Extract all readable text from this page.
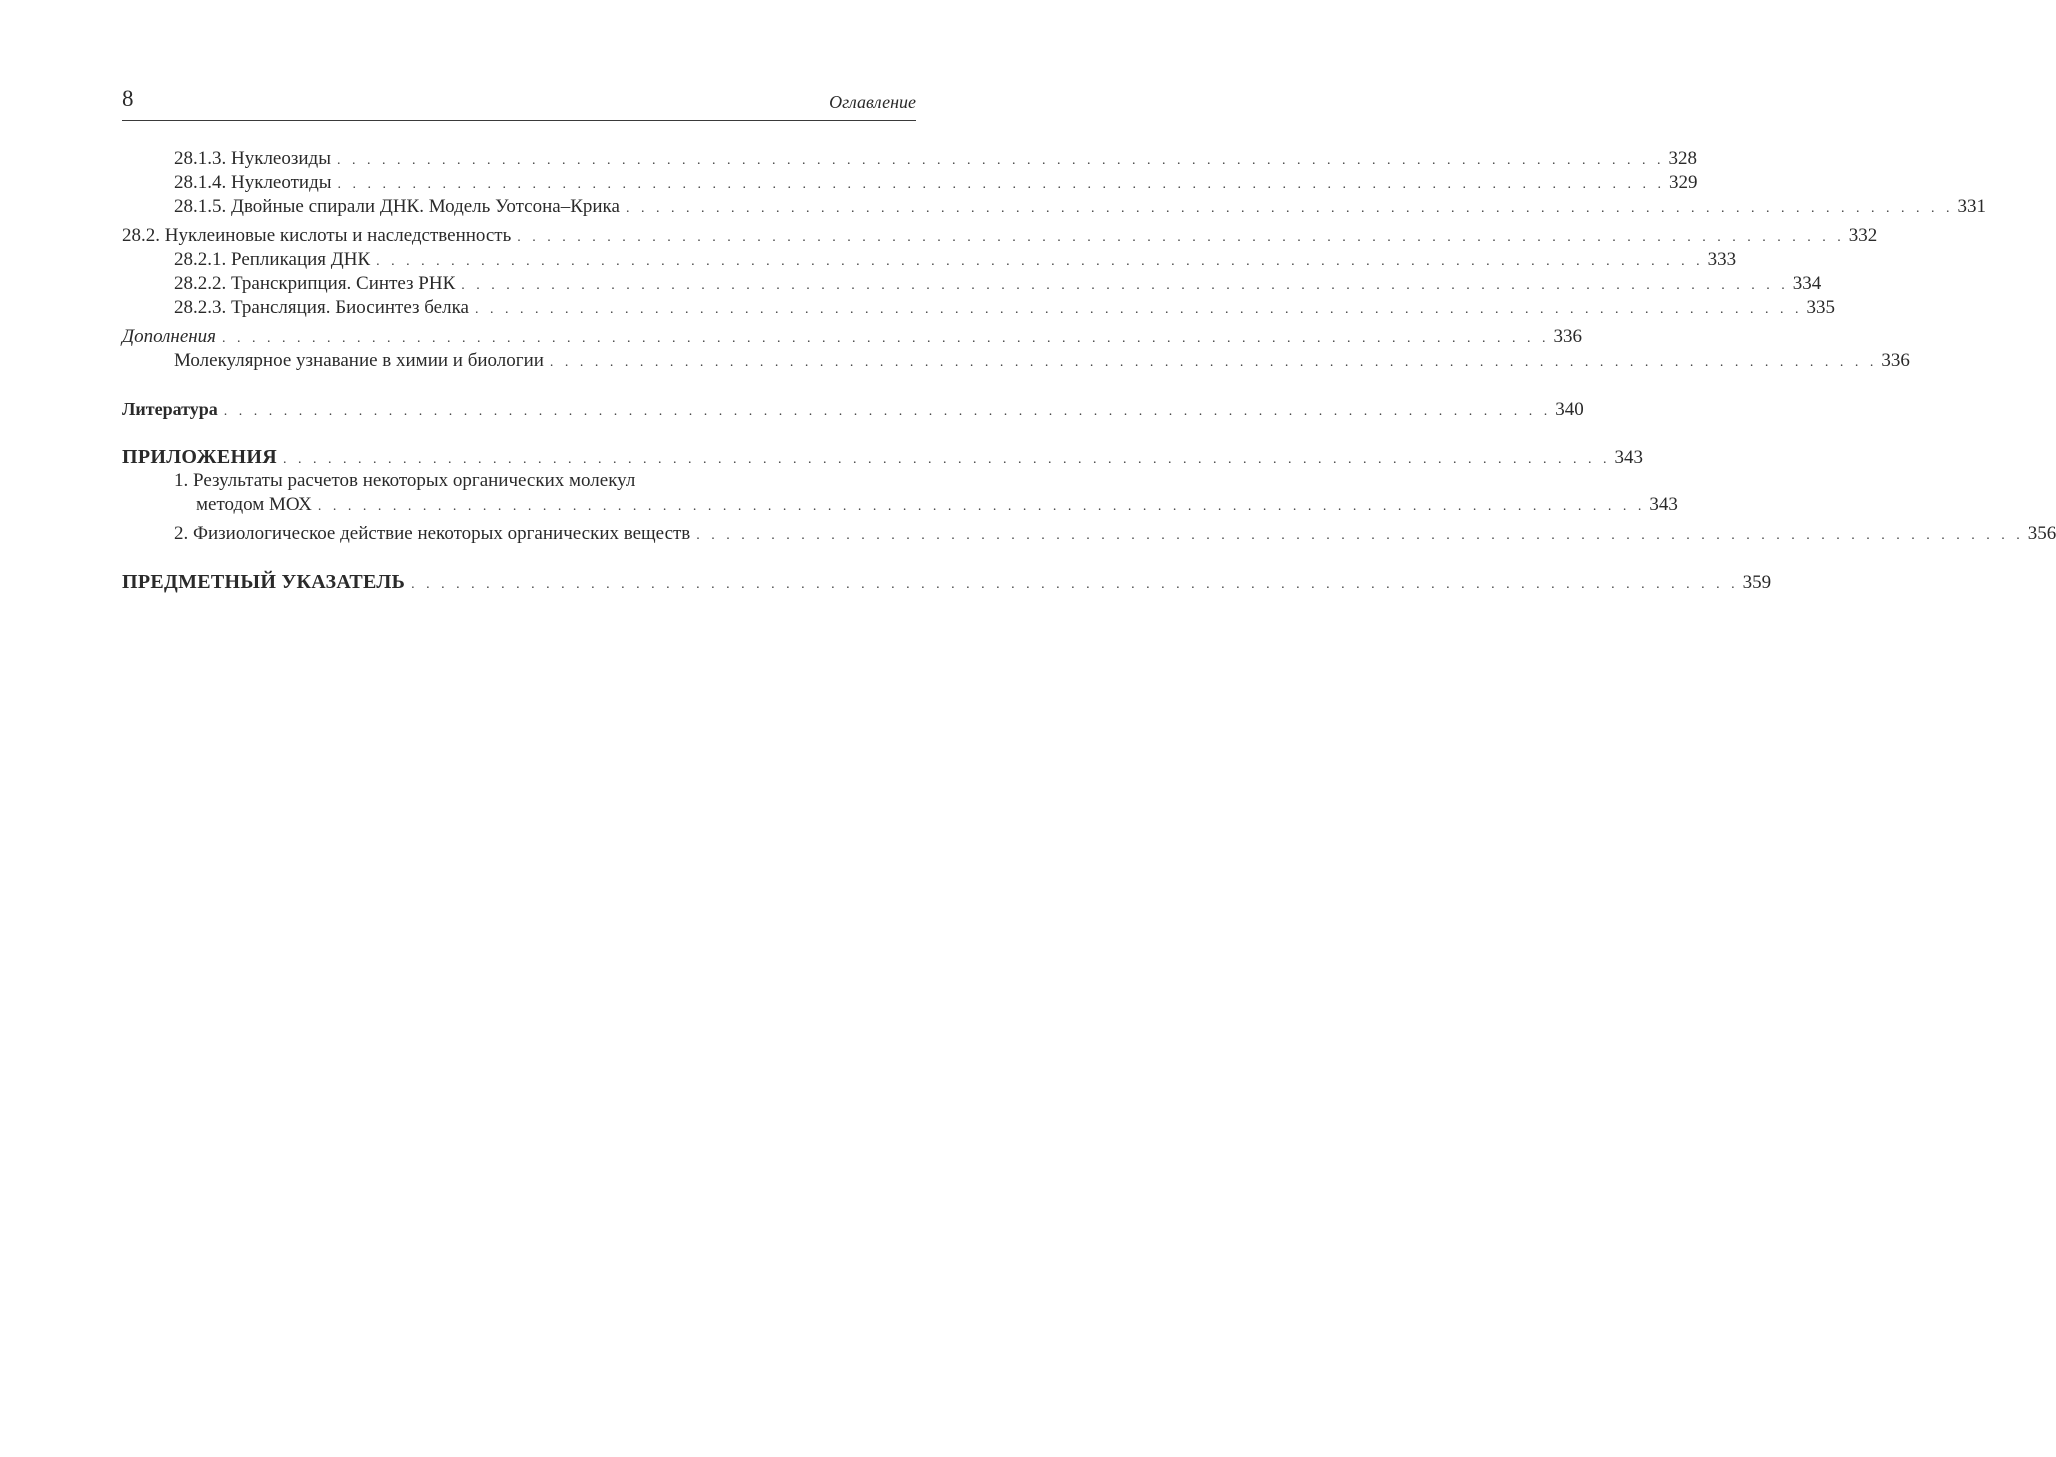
8	Оглавление
28.1.3. Нуклеозиды . . . . . . . . . . . . . . . . . . . . . . . . . . . . . . . . . . . . . . . . . . . . . . . . . . . . . . . . . . . . . . . . . . . . . . . . . . . . . . . . . . . . . . . . . 328
28.1.4. Нуклеотиды . . . . . . . . . . . . . . . . . . . . . . . . . . . . . . . . . . . . . . . . . . . . . . . . . . . . . . . . . . . . . . . . . . . . . . . . . . . . . . . . . . . . . . . . . 329
28.1.5. Двойные спирали ДНК. Модель Уотсона–Крика . . . . . . . . . . . . . . . . . . . . . . . . . . . . . . . . . . . . . . . . . . . . . . . . . . . . . . . . . . . . . . . . . . . . . . . . . . . . . . . . . . . . . . . . . 331
28.2. Нуклеиновые кислоты и наследственность . . . . . . . . . . . . . . . . . . . . . . . . . . . . . . . . . . . . . . . . . . . . . . . . . . . . . . . . . . . . . . . . . . . . . . . . . . . . . . . . . . . . . . . . . 332
28.2.1. Репликация ДНК . . . . . . . . . . . . . . . . . . . . . . . . . . . . . . . . . . . . . . . . . . . . . . . . . . . . . . . . . . . . . . . . . . . . . . . . . . . . . . . . . . . . . . . . . 333
28.2.2. Транскрипция. Синтез РНК . . . . . . . . . . . . . . . . . . . . . . . . . . . . . . . . . . . . . . . . . . . . . . . . . . . . . . . . . . . . . . . . . . . . . . . . . . . . . . . . . . . . . . . . . 334
28.2.3. Трансляция. Биосинтез белка . . . . . . . . . . . . . . . . . . . . . . . . . . . . . . . . . . . . . . . . . . . . . . . . . . . . . . . . . . . . . . . . . . . . . . . . . . . . . . . . . . . . . . . . . 335
Дополнения . . . . . . . . . . . . . . . . . . . . . . . . . . . . . . . . . . . . . . . . . . . . . . . . . . . . . . . . . . . . . . . . . . . . . . . . . . . . . . . . . . . . . . . . . 336
Молекулярное узнавание в химии и биологии . . . . . . . . . . . . . . . . . . . . . . . . . . . . . . . . . . . . . . . . . . . . . . . . . . . . . . . . . . . . . . . . . . . . . . . . . . . . . . . . . . . . . . . . . 336
Литература . . . . . . . . . . . . . . . . . . . . . . . . . . . . . . . . . . . . . . . . . . . . . . . . . . . . . . . . . . . . . . . . . . . . . . . . . . . . . . . . . . . . . . . . . 340
ПРИЛОЖЕНИЯ . . . . . . . . . . . . . . . . . . . . . . . . . . . . . . . . . . . . . . . . . . . . . . . . . . . . . . . . . . . . . . . . . . . . . . . . . . . . . . . . . . . . . . . . . 343
1. Результаты расчетов некоторых органических молекул
методом МОХ . . . . . . . . . . . . . . . . . . . . . . . . . . . . . . . . . . . . . . . . . . . . . . . . . . . . . . . . . . . . . . . . . . . . . . . . . . . . . . . . . . . . . . . . . 343
2. Физиологическое действие некоторых органических веществ . . . . . . . . . . . . . . . . . . . . . . . . . . . . . . . . . . . . . . . . . . . . . . . . . . . . . . . . . . . . . . . . . . . . . . . . . . . . . . . . . . . . . . . . . 356
ПРЕДМЕТНЫЙ УКАЗАТЕЛЬ . . . . . . . . . . . . . . . . . . . . . . . . . . . . . . . . . . . . . . . . . . . . . . . . . . . . . . . . . . . . . . . . . . . . . . . . . . . . . . . . . . . . . . . . . 359
